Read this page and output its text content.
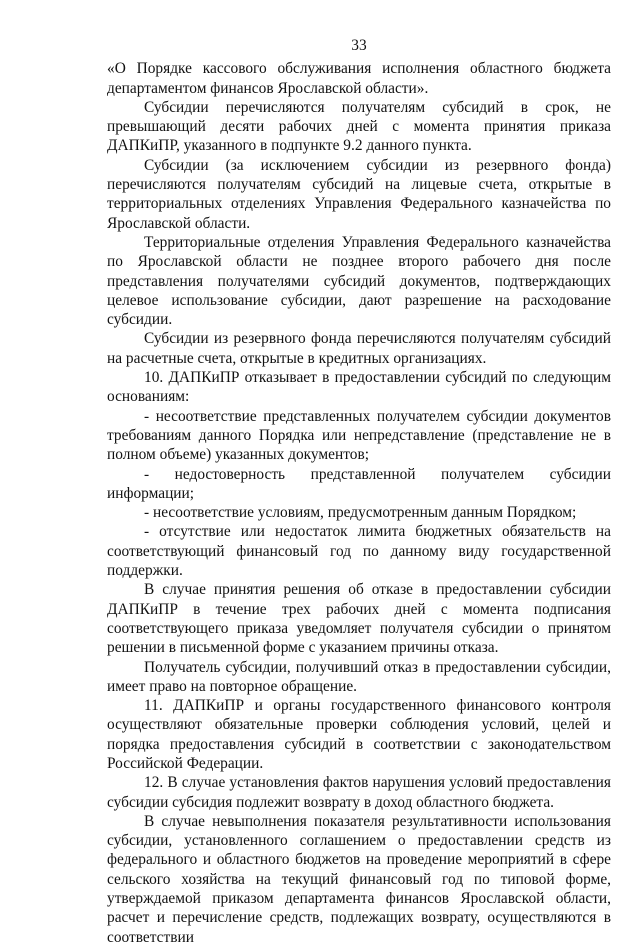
33

«О Порядке кассового обслуживания исполнения областного бюджета департаментом финансов Ярославской области».

Субсидии перечисляются получателям субсидий в срок, не превышающий десяти рабочих дней с момента принятия приказа ДАПКиПР, указанного в подпункте 9.2 данного пункта.

Субсидии (за исключением субсидии из резервного фонда) перечисляются получателям субсидий на лицевые счета, открытые в территориальных отделениях Управления Федерального казначейства по Ярославской области.

Территориальные отделения Управления Федерального казначейства по Ярославской области не позднее второго рабочего дня после представления получателями субсидий документов, подтверждающих целевое использование субсидии, дают разрешение на расходование субсидии.

Субсидии из резервного фонда перечисляются получателям субсидий на расчетные счета, открытые в кредитных организациях.

10. ДАПКиПР отказывает в предоставлении субсидий по следующим основаниям:

- несоответствие представленных получателем субсидии документов требованиям данного Порядка или непредставление (представление не в полном объеме) указанных документов;

- недостоверность представленной получателем субсидии информации;

- несоответствие условиям, предусмотренным данным Порядком;

- отсутствие или недостаток лимита бюджетных обязательств на соответствующий финансовый год по данному виду государственной поддержки.

В случае принятия решения об отказе в предоставлении субсидии ДАПКиПР в течение трех рабочих дней с момента подписания соответствующего приказа уведомляет получателя субсидии о принятом решении в письменной форме с указанием причины отказа.

Получатель субсидии, получивший отказ в предоставлении субсидии, имеет право на повторное обращение.

11. ДАПКиПР и органы государственного финансового контроля осуществляют обязательные проверки соблюдения условий, целей и порядка предоставления субсидий в соответствии с законодательством Российской Федерации.

12. В случае установления фактов нарушения условий предоставления субсидии субсидия подлежит возврату в доход областного бюджета.

В случае невыполнения показателя результативности использования субсидии, установленного соглашением о предоставлении средств из федерального и областного бюджетов на проведение мероприятий в сфере сельского хозяйства на текущий финансовый год по типовой форме, утверждаемой приказом департамента финансов Ярославской области, расчет и перечисление средств, подлежащих возврату, осуществляются в соответствии
